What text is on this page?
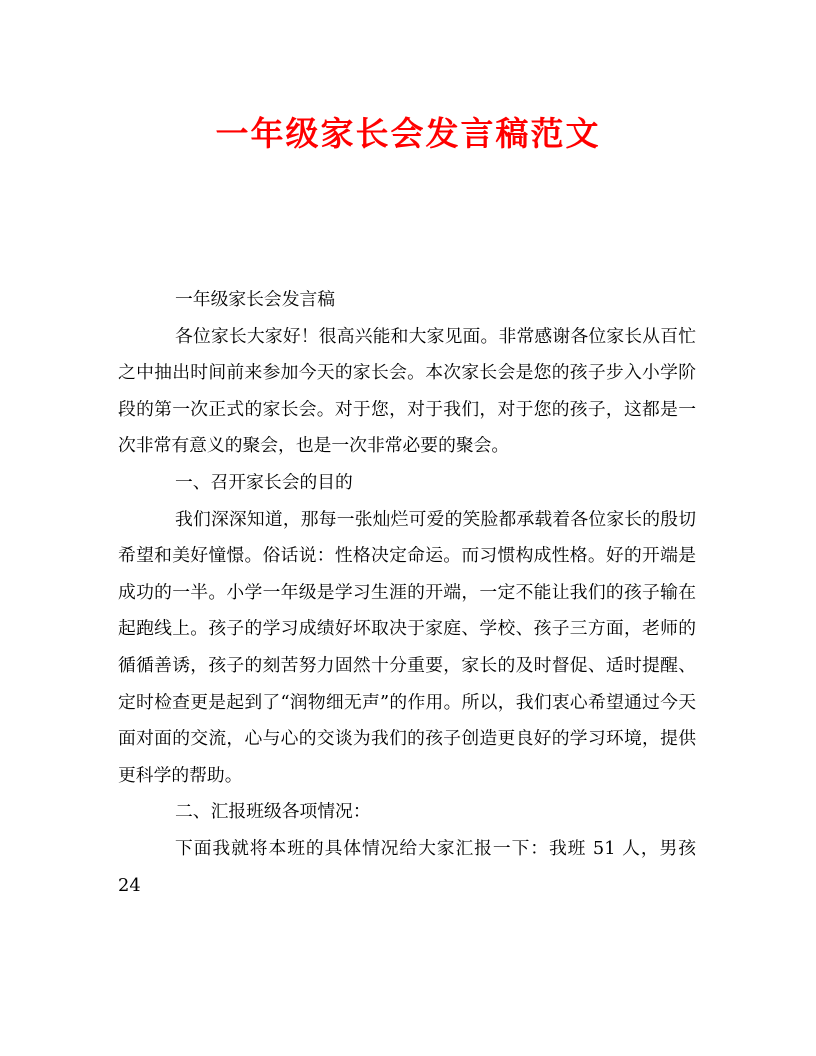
一年级家长会发言稿范文

一年级家长会发言稿

各位家长大家好！很高兴能和大家见面。非常感谢各位家长从百忙之中抽出时间前来参加今天的家长会。本次家长会是您的孩子步入小学阶段的第一次正式的家长会。对于您，对于我们，对于您的孩子，这都是一次非常有意义的聚会，也是一次非常必要的聚会。

一、召开家长会的目的

我们深深知道，那每一张灿烂可爱的笑脸都承载着各位家长的殷切希望和美好憧憬。俗话说：性格决定命运。而习惯构成性格。好的开端是成功的一半。小学一年级是学习生涯的开端，一定不能让我们的孩子输在起跑线上。孩子的学习成绩好坏取决于家庭、学校、孩子三方面，老师的循循善诱，孩子的刻苦努力固然十分重要，家长的及时督促、适时提醒、定时检查更是起到了“润物细无声”的作用。所以，我们衷心希望通过今天面对面的交流，心与心的交谈为我们的孩子创造更良好的学习环境，提供更科学的帮助。

二、汇报班级各项情况：

下面我就将本班的具体情况给大家汇报一下：我班 51 人，男孩 24
